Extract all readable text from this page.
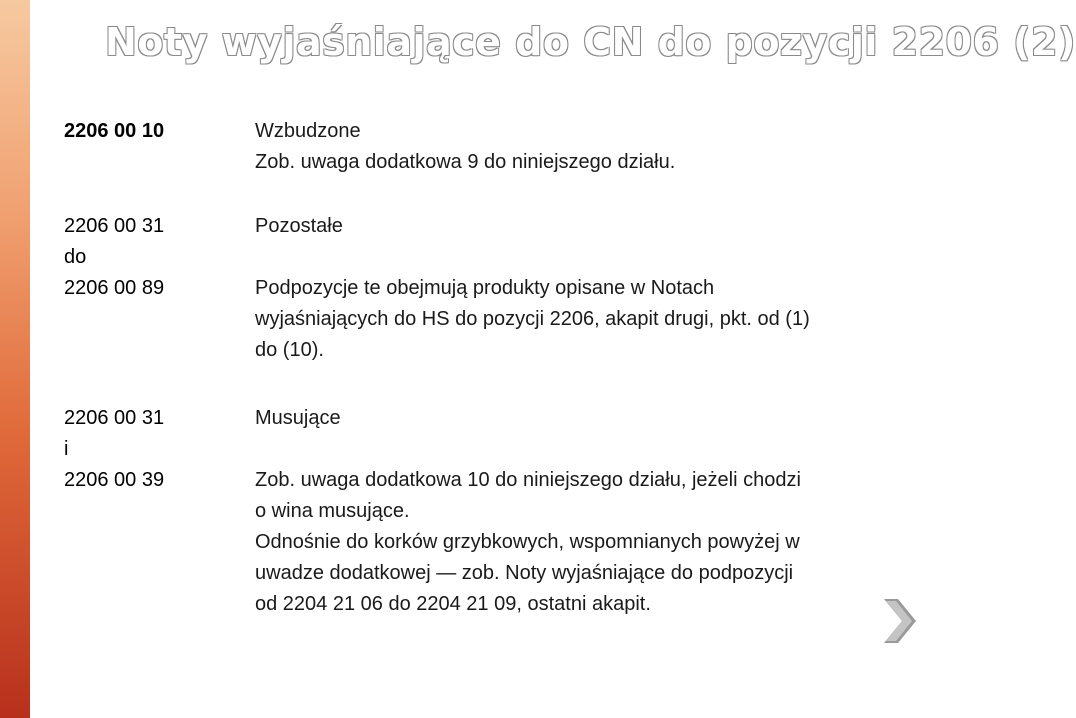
Noty wyjaśniające do CN do pozycji 2206 (2)
2206 00 10	Wzbudzone
Zob. uwaga dodatkowa 9 do niniejszego działu.
2206 00 31
do
2206 00 89
Pozostałe
Podpozycje te obejmują produkty opisane w Notach
wyjaśniających do HS do pozycji 2206, akapit drugi, pkt. od (1)
do (10).
2206 00 31
i
2206 00 39
Musujące
Zob. uwaga dodatkowa 10 do niniejszego działu, jeżeli chodzi
o wina musujące.
Odnośnie do korków grzybkowych, wspomnianych powyżej w
uwadze dodatkowej — zob. Noty wyjaśniające do podpozycji
od 2204 21 06 do 2204 21 09, ostatni akapit.
